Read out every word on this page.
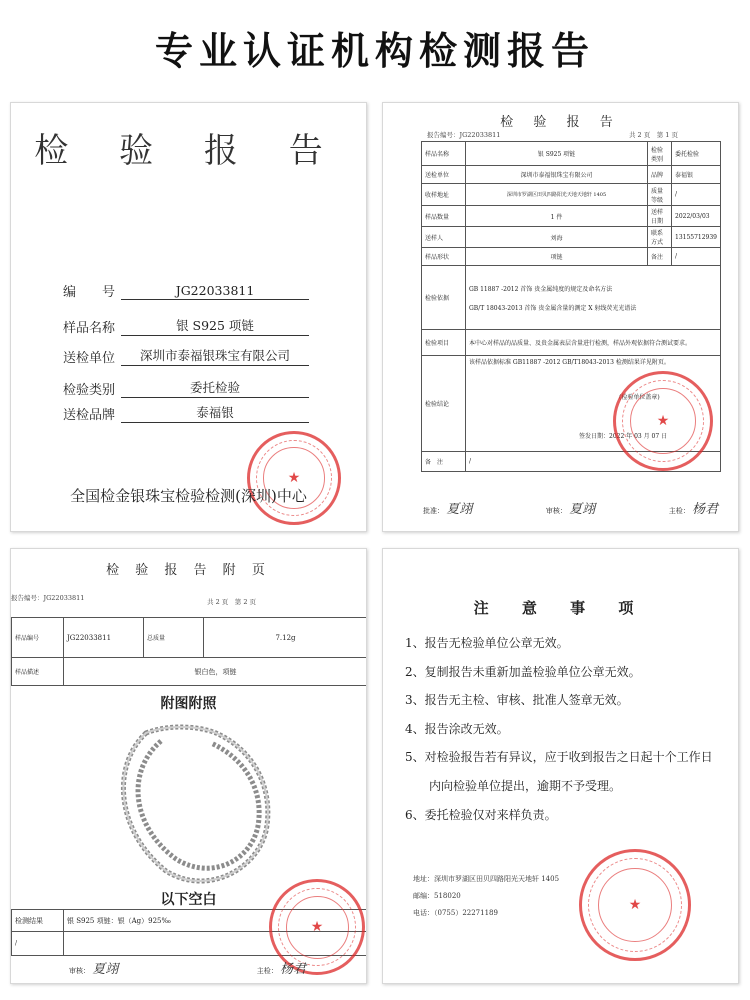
专业认证机构检测报告
检 验 报 告
编　　号	JG22033811
样品名称	银 S925 项链
送检单位	深圳市泰福银珠宝有限公司
检验类别	委托检验
送检品牌	泰福银
★
全国检金银珠宝检验检测(深圳)中心
检 验 报 告
报告编号：JG22033811	共 2 页　第 1 页
样品名称	银 S925 项链	检验类别	委托检验
送检单位	深圳市泰福银珠宝有限公司	品牌	泰福银
收样地址	深圳市罗湖区田贝四路阳光天地天地轩 1405	质量等级	/
样品数量	1 件	送样日期	2022/03/03
送样人	刘海	联系方式	13155712939
样品形状	项链	备注	/
检验依据	GB 11887 -2012 首饰 贵金属纯度的规定及命名方法
GB/T 18043-2013 首饰 贵金属含量的测定 X 射线荧光光谱法		

检验项目	本中心对样品的品质量、及贵金属表层含量进行检测，样品外观依据符合测试要求。		
检验结论	该样品依据标准 GB11887 -2012 GB/T18043-2013 检测结果详见附页。
(检验单位盖章)
签发日期：2022 年 03 月 07 日		

备　注	/		
★
批准： 夏翊	审核： 夏翊	主检： 杨君
检 验 报 告 附 页
报告编号：JG22033811	共 2 页　第 2 页
样品编号	JG22033811	总质量	7.12g
样品描述	银白色，项链		
附图附照
以下空白
检测结果	银 S925 项链：银（Ag）925‰
/	
★
审核： 夏翊	主检： 杨君
注 意 事 项
1、报告无检验单位公章无效。
2、复制报告未重新加盖检验单位公章无效。
3、报告无主检、审核、批准人签章无效。
4、报告涂改无效。
5、对检验报告若有异议，应于收到报告之日起十个工作日
　　内向检验单位提出，逾期不予受理。
6、委托检验仅对来样负责。
地址：深圳市罗湖区田贝四路阳光天地轩 1405
邮编：518020
电话：（0755）22271189	★
